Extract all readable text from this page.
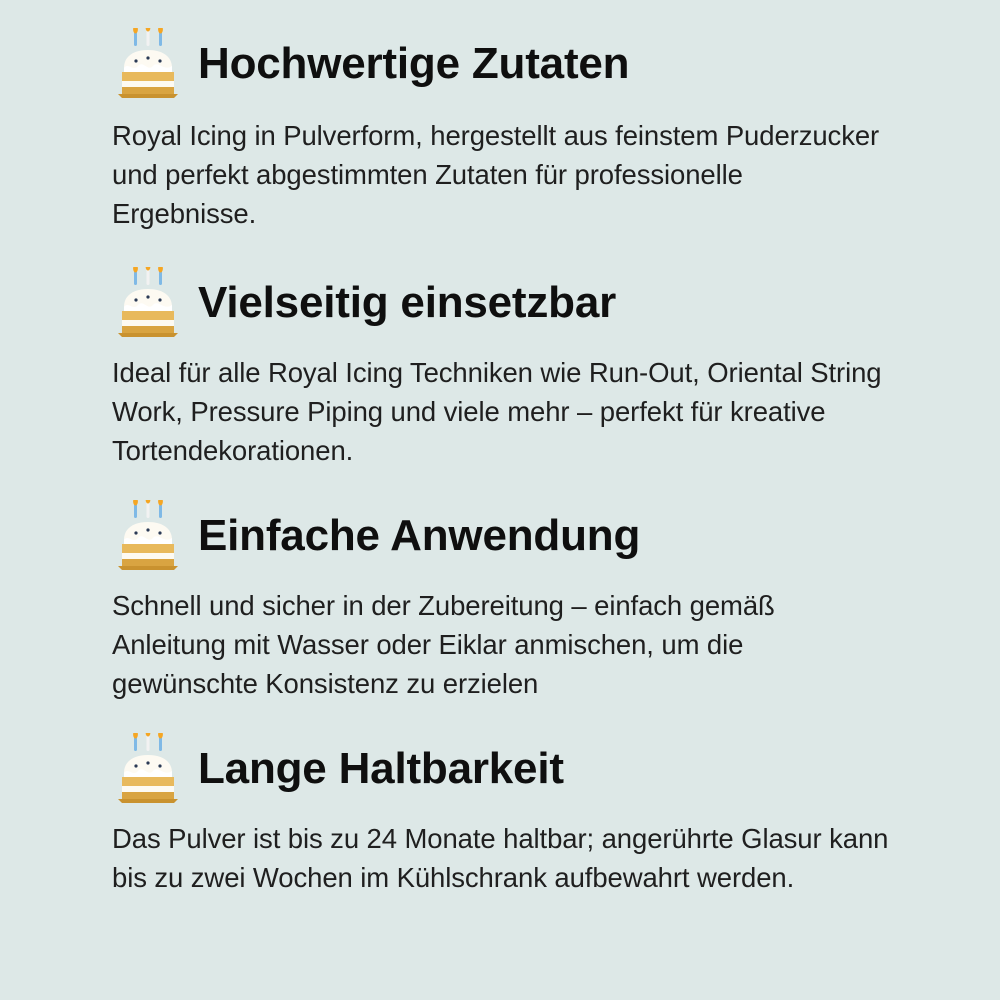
Hochwertige Zutaten
Royal Icing in Pulverform, hergestellt aus feinstem Puderzucker und perfekt abgestimmten Zutaten für professionelle Ergebnisse.
Vielseitig einsetzbar
Ideal für alle Royal Icing Techniken wie Run-Out, Oriental String Work, Pressure Piping und viele mehr – perfekt für kreative Tortendekorationen.
Einfache Anwendung
Schnell und sicher in der Zubereitung – einfach gemäß Anleitung mit Wasser oder Eiklar anmischen, um die gewünschte Konsistenz zu erzielen
Lange Haltbarkeit
Das Pulver ist bis zu 24 Monate haltbar; angerührte Glasur kann bis zu zwei Wochen im Kühlschrank aufbewahrt werden.
